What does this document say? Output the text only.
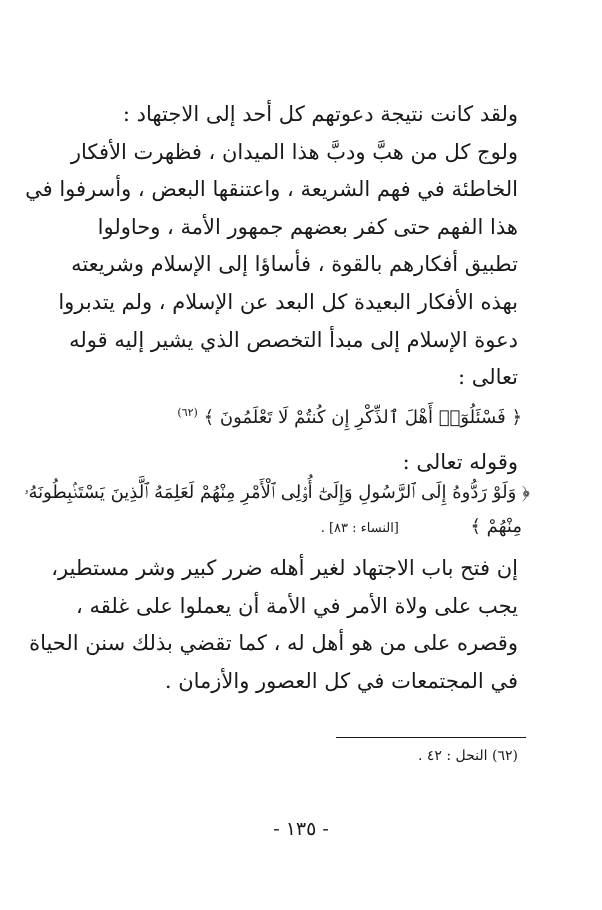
ولقد كانت نتيجة دعوتهم كل أحد إلى الاجتهاد :
ولوج كل من هبَّ ودبَّ هذا الميدان ، فظهرت الأفكار
الخاطئة في فهم الشريعة ، واعتنقها البعض ، وأسرفوا في
هذا الفهم حتى كفر بعضهم جمهور الأمة ، وحاولوا
تطبيق أفكارهم بالقوة ، فأساؤا إلى الإسلام وشريعته
بهذه الأفكار البعيدة كل البعد عن الإسلام ، ولم يتدبروا
دعوة الإسلام إلى مبدأ التخصص الذي يشير إليه قوله
تعالى :
﴿ فَسْئَلُوٓا۟ أَهْلَ ٱلذِّكْرِ إِن كُنتُمْ لَا تَعْلَمُونَ ﴾ $^{(٦٢)}$
وقوله تعالى :
﴿ وَلَوْ رَدُّوهُ إِلَى ٱلرَّسُولِ وَإِلَىٰٓ أُو۟لِى ٱلْأَمْرِ مِنْهُمْ لَعَلِمَهُ ٱلَّذِينَ يَسْتَنۢبِطُونَهُۥ
مِنْهُمْ ﴾  [النساء : ٨٣] .
إن فتح باب الاجتهاد لغير أهله ضرر كبير وشر مستطير،
يجب على ولاة الأمر في الأمة أن يعملوا على غلقه ،
وقصره على من هو أهل له ، كما تقضي بذلك سنن الحياة
في المجتمعات في كل العصور والأزمان .
(٦٢) النحل : ٤٢ .
- ١٣٥ -
